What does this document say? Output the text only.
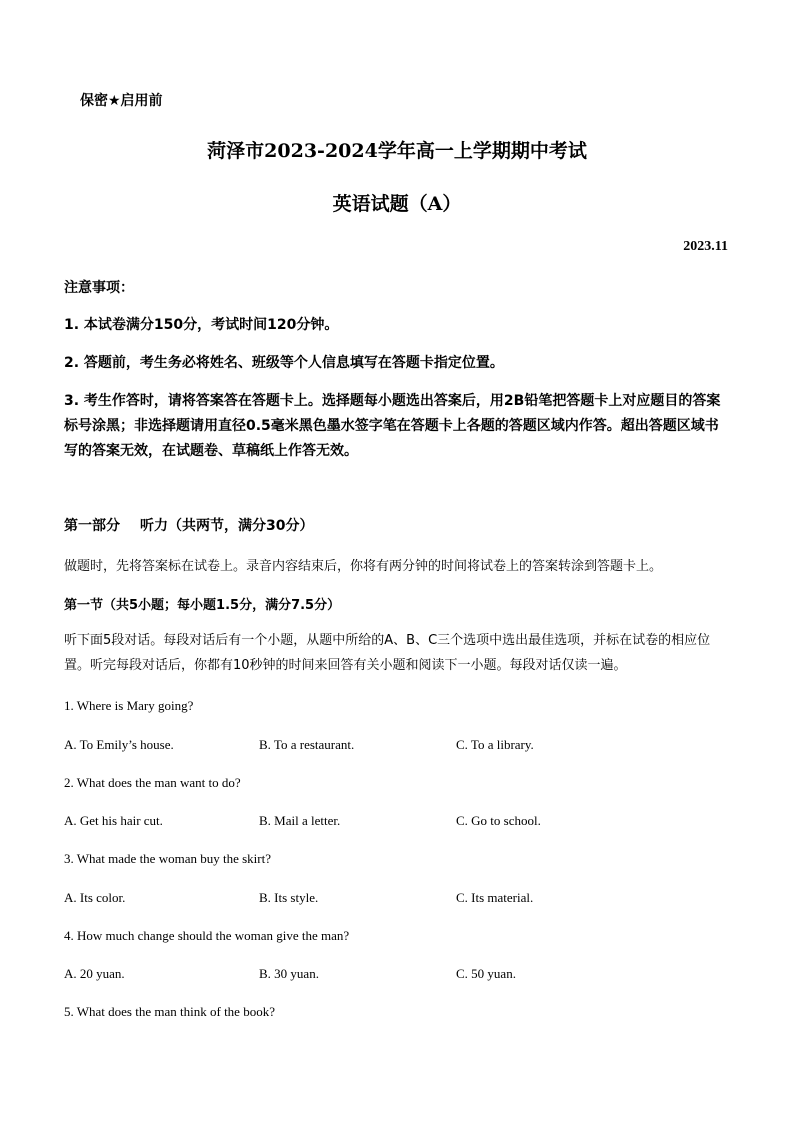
保密★启用前
菏泽市2023-2024学年高一上学期期中考试
英语试题（A）
2023.11
注意事项：
1. 本试卷满分150分，考试时间120分钟。
2. 答题前，考生务必将姓名、班级等个人信息填写在答题卡指定位置。
3. 考生作答时，请将答案答在答题卡上。选择题每小题选出答案后，用2B铅笔把答题卡上对应题目的答案标号涂黑；非选择题请用直径0.5毫米黑色墨水签字笔在答题卡上各题的答题区域内作答。超出答题区域书写的答案无效，在试题卷、草稿纸上作答无效。
第一部分 听力（共两节，满分30分）
做题时，先将答案标在试卷上。录音内容结束后，你将有两分钟的时间将试卷上的答案转涂到答题卡上。
第一节（共5小题；每小题1.5分，满分7.5分）
听下面5段对话。每段对话后有一个小题，从题中所给的A、B、C三个选项中选出最佳选项，并标在试卷的相应位置。听完每段对话后，你都有10秒钟的时间来回答有关小题和阅读下一小题。每段对话仅读一遍。
1. Where is Mary going?
A. To Emily’s house.	B. To a restaurant.	C. To a library.
2. What does the man want to do?
A. Get his hair cut.	B. Mail a letter.	C. Go to school.
3. What made the woman buy the skirt?
A. Its color.	B. Its style.	C. Its material.
4. How much change should the woman give the man?
A. 20 yuan.	B. 30 yuan.	C. 50 yuan.
5. What does the man think of the book?
